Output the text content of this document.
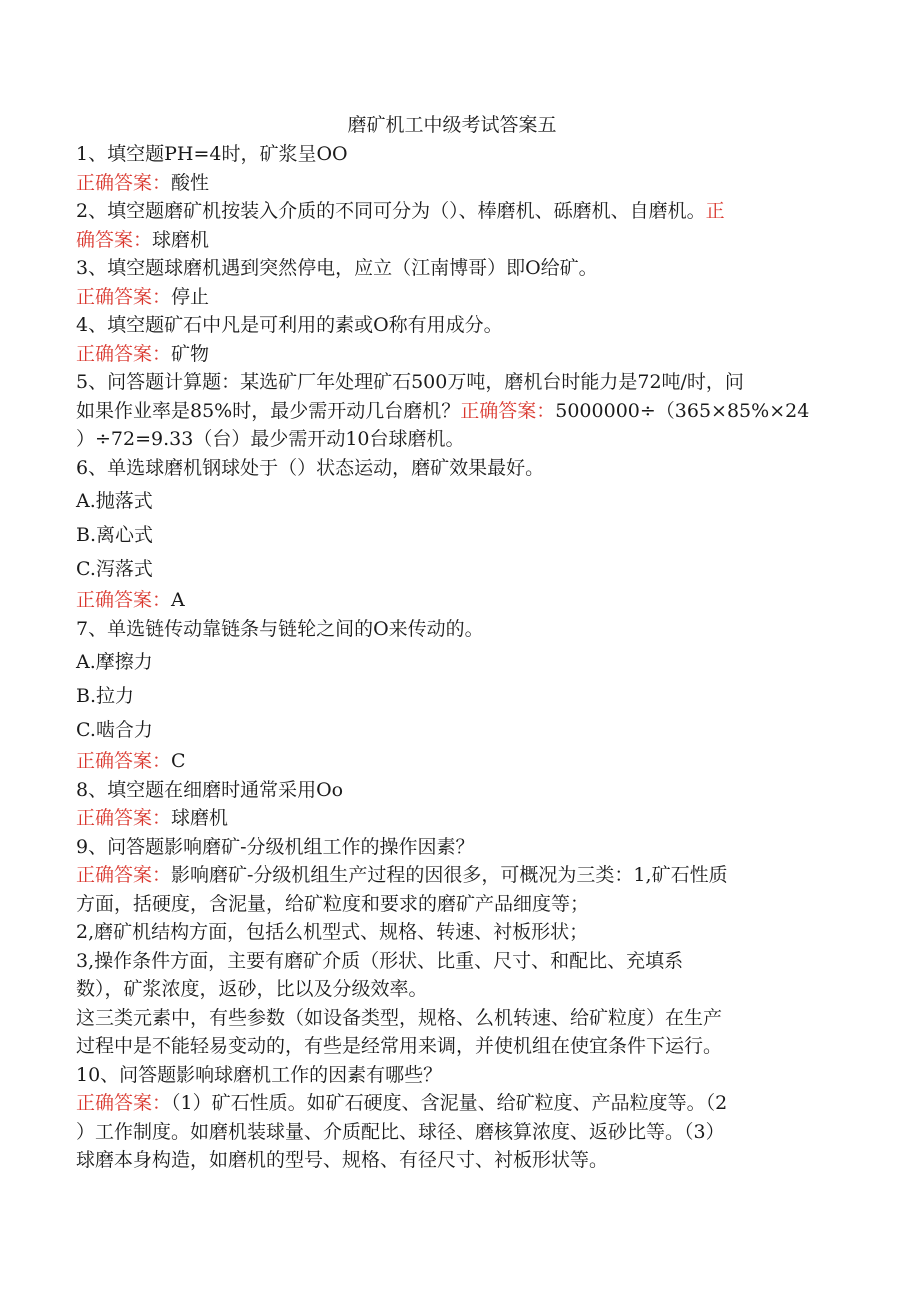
磨矿机工中级考试答案五

1、填空题PH=4时，矿浆呈OO

正确答案：酸性

2、填空题磨矿机按装入介质的不同可分为（）、棒磨机、砾磨机、自磨机。正

确答案：球磨机

3、填空题球磨机遇到突然停电，应立（江南博哥）即O给矿。

正确答案：停止

4、填空题矿石中凡是可利用的素或O称有用成分。

正确答案：矿物

5、问答题计算题：某选矿厂年处理矿石500万吨，磨机台时能力是72吨/时，问

如果作业率是85%时，最少需开动几台磨机？正确答案：5000000÷（365×85%×24

）÷72=9.33（台）最少需开动10台球磨机。

6、单选球磨机钢球处于（）状态运动，磨矿效果最好。

A.抛落式

B.离心式

C.泻落式

正确答案：A

7、单选链传动靠链条与链轮之间的O来传动的。

A.摩擦力

B.拉力

C.啮合力

正确答案：C

8、填空题在细磨时通常采用Oo

正确答案：球磨机

9、问答题影响磨矿-分级机组工作的操作因素？

正确答案：影响磨矿-分级机组生产过程的因很多，可概况为三类：1,矿石性质

方面，括硬度，含泥量，给矿粒度和要求的磨矿产品细度等；

2,磨矿机结构方面，包括么机型式、规格、转速、衬板形状；

3,操作条件方面，主要有磨矿介质（形状、比重、尺寸、和配比、充填系

数），矿浆浓度，返砂，比以及分级效率。

这三类元素中，有些参数（如设备类型，规格、么机转速、给矿粒度）在生产

过程中是不能轻易变动的，有些是经常用来调，并使机组在使宜条件下运行。

10、问答题影响球磨机工作的因素有哪些？

正确答案：（1）矿石性质。如矿石硬度、含泥量、给矿粒度、产品粒度等。（2

）工作制度。如磨机装球量、介质配比、球径、磨核算浓度、返砂比等。（3）

球磨本身构造，如磨机的型号、规格、有径尺寸、衬板形状等。
